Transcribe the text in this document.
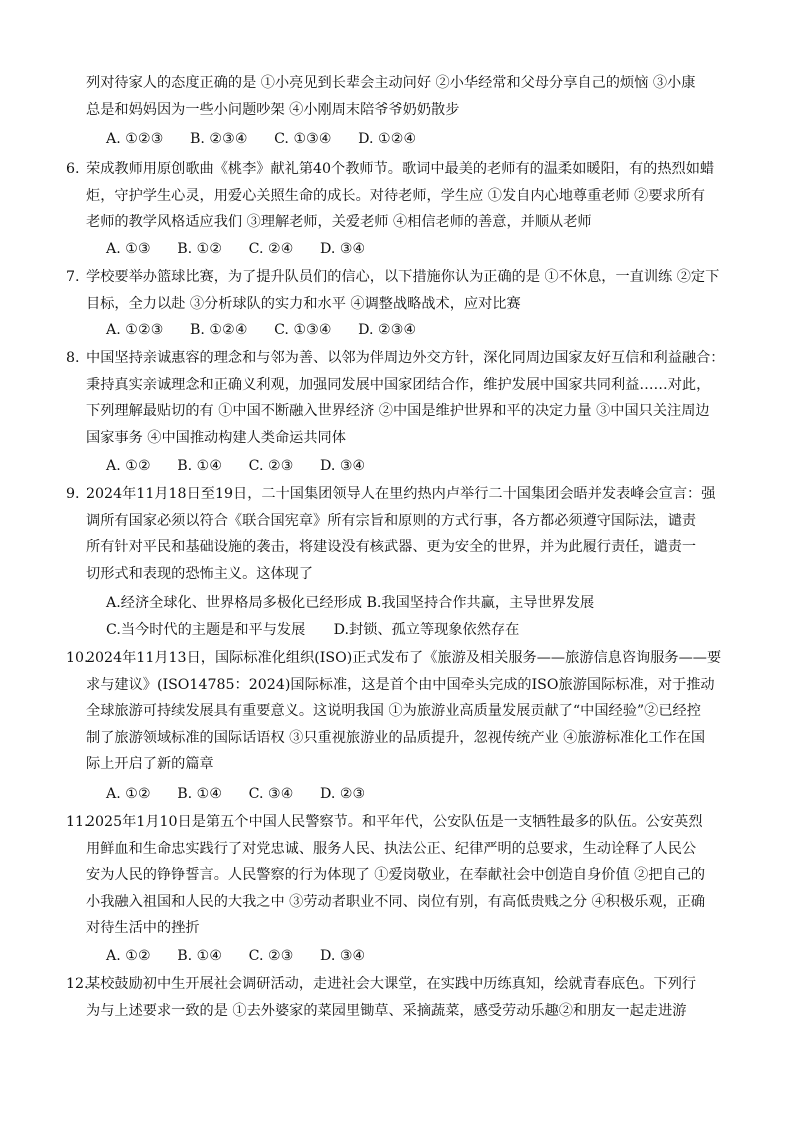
列对待家人的态度正确的是 ①小亮见到长辈会主动问好 ②小华经常和父母分享自己的烦恼 ③小康
总是和妈妈因为一些小问题吵架 ④小刚周末陪爷爷奶奶散步
A. ①②③ B. ②③④ C. ①③④ D. ①②④
6. 荣成教师用原创歌曲《桃李》献礼第40个教师节。歌词中最美的老师有的温柔如暖阳，有的热烈如蜡
炬，守护学生心灵，用爱心关照生命的成长。对待老师，学生应 ①发自内心地尊重老师 ②要求所有
老师的教学风格适应我们 ③理解老师，关爱老师 ④相信老师的善意，并顺从老师
A. ①③ B. ①② C. ②④ D. ③④
7. 学校要举办篮球比赛，为了提升队员们的信心，以下措施你认为正确的是 ①不休息，一直训练 ②定下
目标，全力以赴 ③分析球队的实力和水平 ④调整战略战术，应对比赛
A. ①②③ B. ①②④ C. ①③④ D. ②③④
8. 中国坚持亲诚惠容的理念和与邻为善、以邻为伴周边外交方针，深化同周边国家友好互信和利益融合：
秉持真实亲诚理念和正确义利观，加强同发展中国家团结合作，维护发展中国家共同利益……对此，
下列理解最贴切的有 ①中国不断融入世界经济 ②中国是维护世界和平的决定力量 ③中国只关注周边
国家事务 ④中国推动构建人类命运共同体
A. ①② B. ①④ C. ②③ D. ③④
9. 2024年11月18日至19日，二十国集团领导人在里约热内卢举行二十国集团会晤并发表峰会宣言：强
调所有国家必须以符合《联合国宪章》所有宗旨和原则的方式行事，各方都必须遵守国际法，谴责
所有针对平民和基础设施的袭击，将建设没有核武器、更为安全的世界，并为此履行责任，谴责一
切形式和表现的恐怖主义。这体现了
A.经济全球化、世界格局多极化已经形成 B.我国坚持合作共赢，主导世界发展
C.当今时代的主题是和平与发展　　D.封锁、孤立等现象依然存在
10.2024年11月13日，国际标准化组织(ISO)正式发布了《旅游及相关服务——旅游信息咨询服务——要
求与建议》(ISO14785：2024)国际标准，这是首个由中国牵头完成的ISO旅游国际标准，对于推动
全球旅游可持续发展具有重要意义。这说明我国 ①为旅游业高质量发展贡献了“中国经验”②已经控
制了旅游领域标准的国际话语权 ③只重视旅游业的品质提升，忽视传统产业 ④旅游标准化工作在国
际上开启了新的篇章
A. ①② B. ①④ C. ③④ D. ②③
11.2025年1月10日是第五个中国人民警察节。和平年代，公安队伍是一支牺牲最多的队伍。公安英烈
用鲜血和生命忠实践行了对党忠诚、服务人民、执法公正、纪律严明的总要求，生动诠释了人民公
安为人民的铮铮誓言。人民警察的行为体现了 ①爱岗敬业，在奉献社会中创造自身价值 ②把自己的
小我融入祖国和人民的大我之中 ③劳动者职业不同、岗位有别，有高低贵贱之分 ④积极乐观，正确
对待生活中的挫折
A. ①② B. ①④ C. ②③ D. ③④
12.某校鼓励初中生开展社会调研活动，走进社会大课堂，在实践中历练真知，绘就青春底色。下列行
为与上述要求一致的是 ①去外婆家的菜园里锄草、采摘蔬菜，感受劳动乐趣②和朋友一起走进游
